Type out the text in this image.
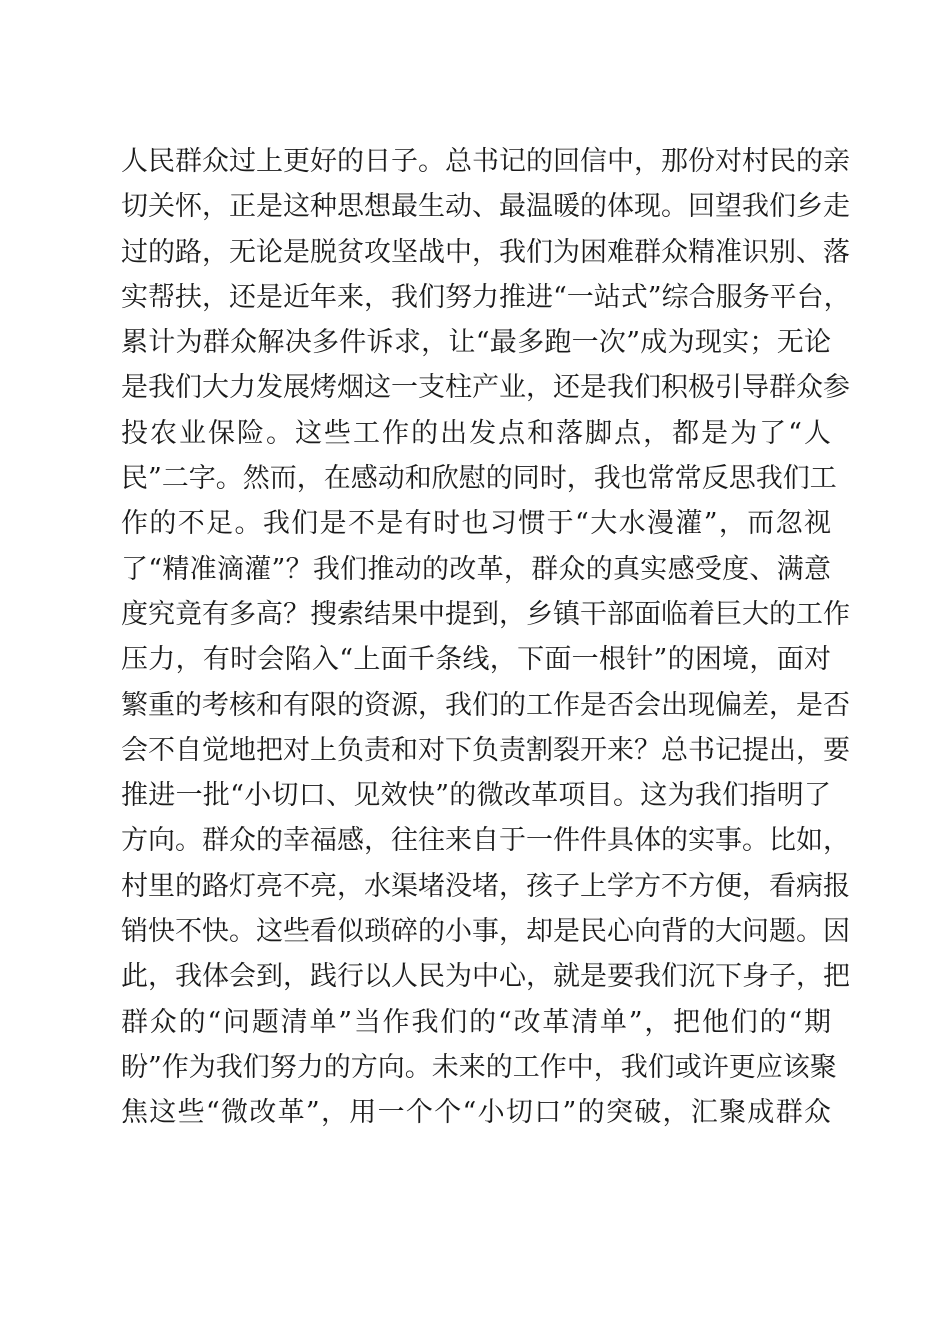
人民群众过上更好的日子。总书记的回信中，那份对村民的亲
切关怀，正是这种思想最生动、最温暖的体现。回望我们乡走
过的路，无论是脱贫攻坚战中，我们为困难群众精准识别、落
实帮扶，还是近年来，我们努力推进“一站式”综合服务平台，
累计为群众解决多件诉求，让“最多跑一次”成为现实；无论
是我们大力发展烤烟这一支柱产业，还是我们积极引导群众参
投农业保险。这些工作的出发点和落脚点，都是为了“人
民”二字。然而，在感动和欣慰的同时，我也常常反思我们工
作的不足。我们是不是有时也习惯于“大水漫灌”，而忽视
了“精准滴灌”？我们推动的改革，群众的真实感受度、满意
度究竟有多高？搜索结果中提到，乡镇干部面临着巨大的工作
压力，有时会陷入“上面千条线，下面一根针”的困境，面对
繁重的考核和有限的资源，我们的工作是否会出现偏差，是否
会不自觉地把对上负责和对下负责割裂开来？总书记提出，要
推进一批“小切口、见效快”的微改革项目。这为我们指明了
方向。群众的幸福感，往往来自于一件件具体的实事。比如，
村里的路灯亮不亮，水渠堵没堵，孩子上学方不方便，看病报
销快不快。这些看似琐碎的小事，却是民心向背的大问题。因
此，我体会到，践行以人民为中心，就是要我们沉下身子，把
群众的“问题清单”当作我们的“改革清单”，把他们的“期
盼”作为我们努力的方向。未来的工作中，我们或许更应该聚
焦这些“微改革”，用一个个“小切口”的突破，汇聚成群众
